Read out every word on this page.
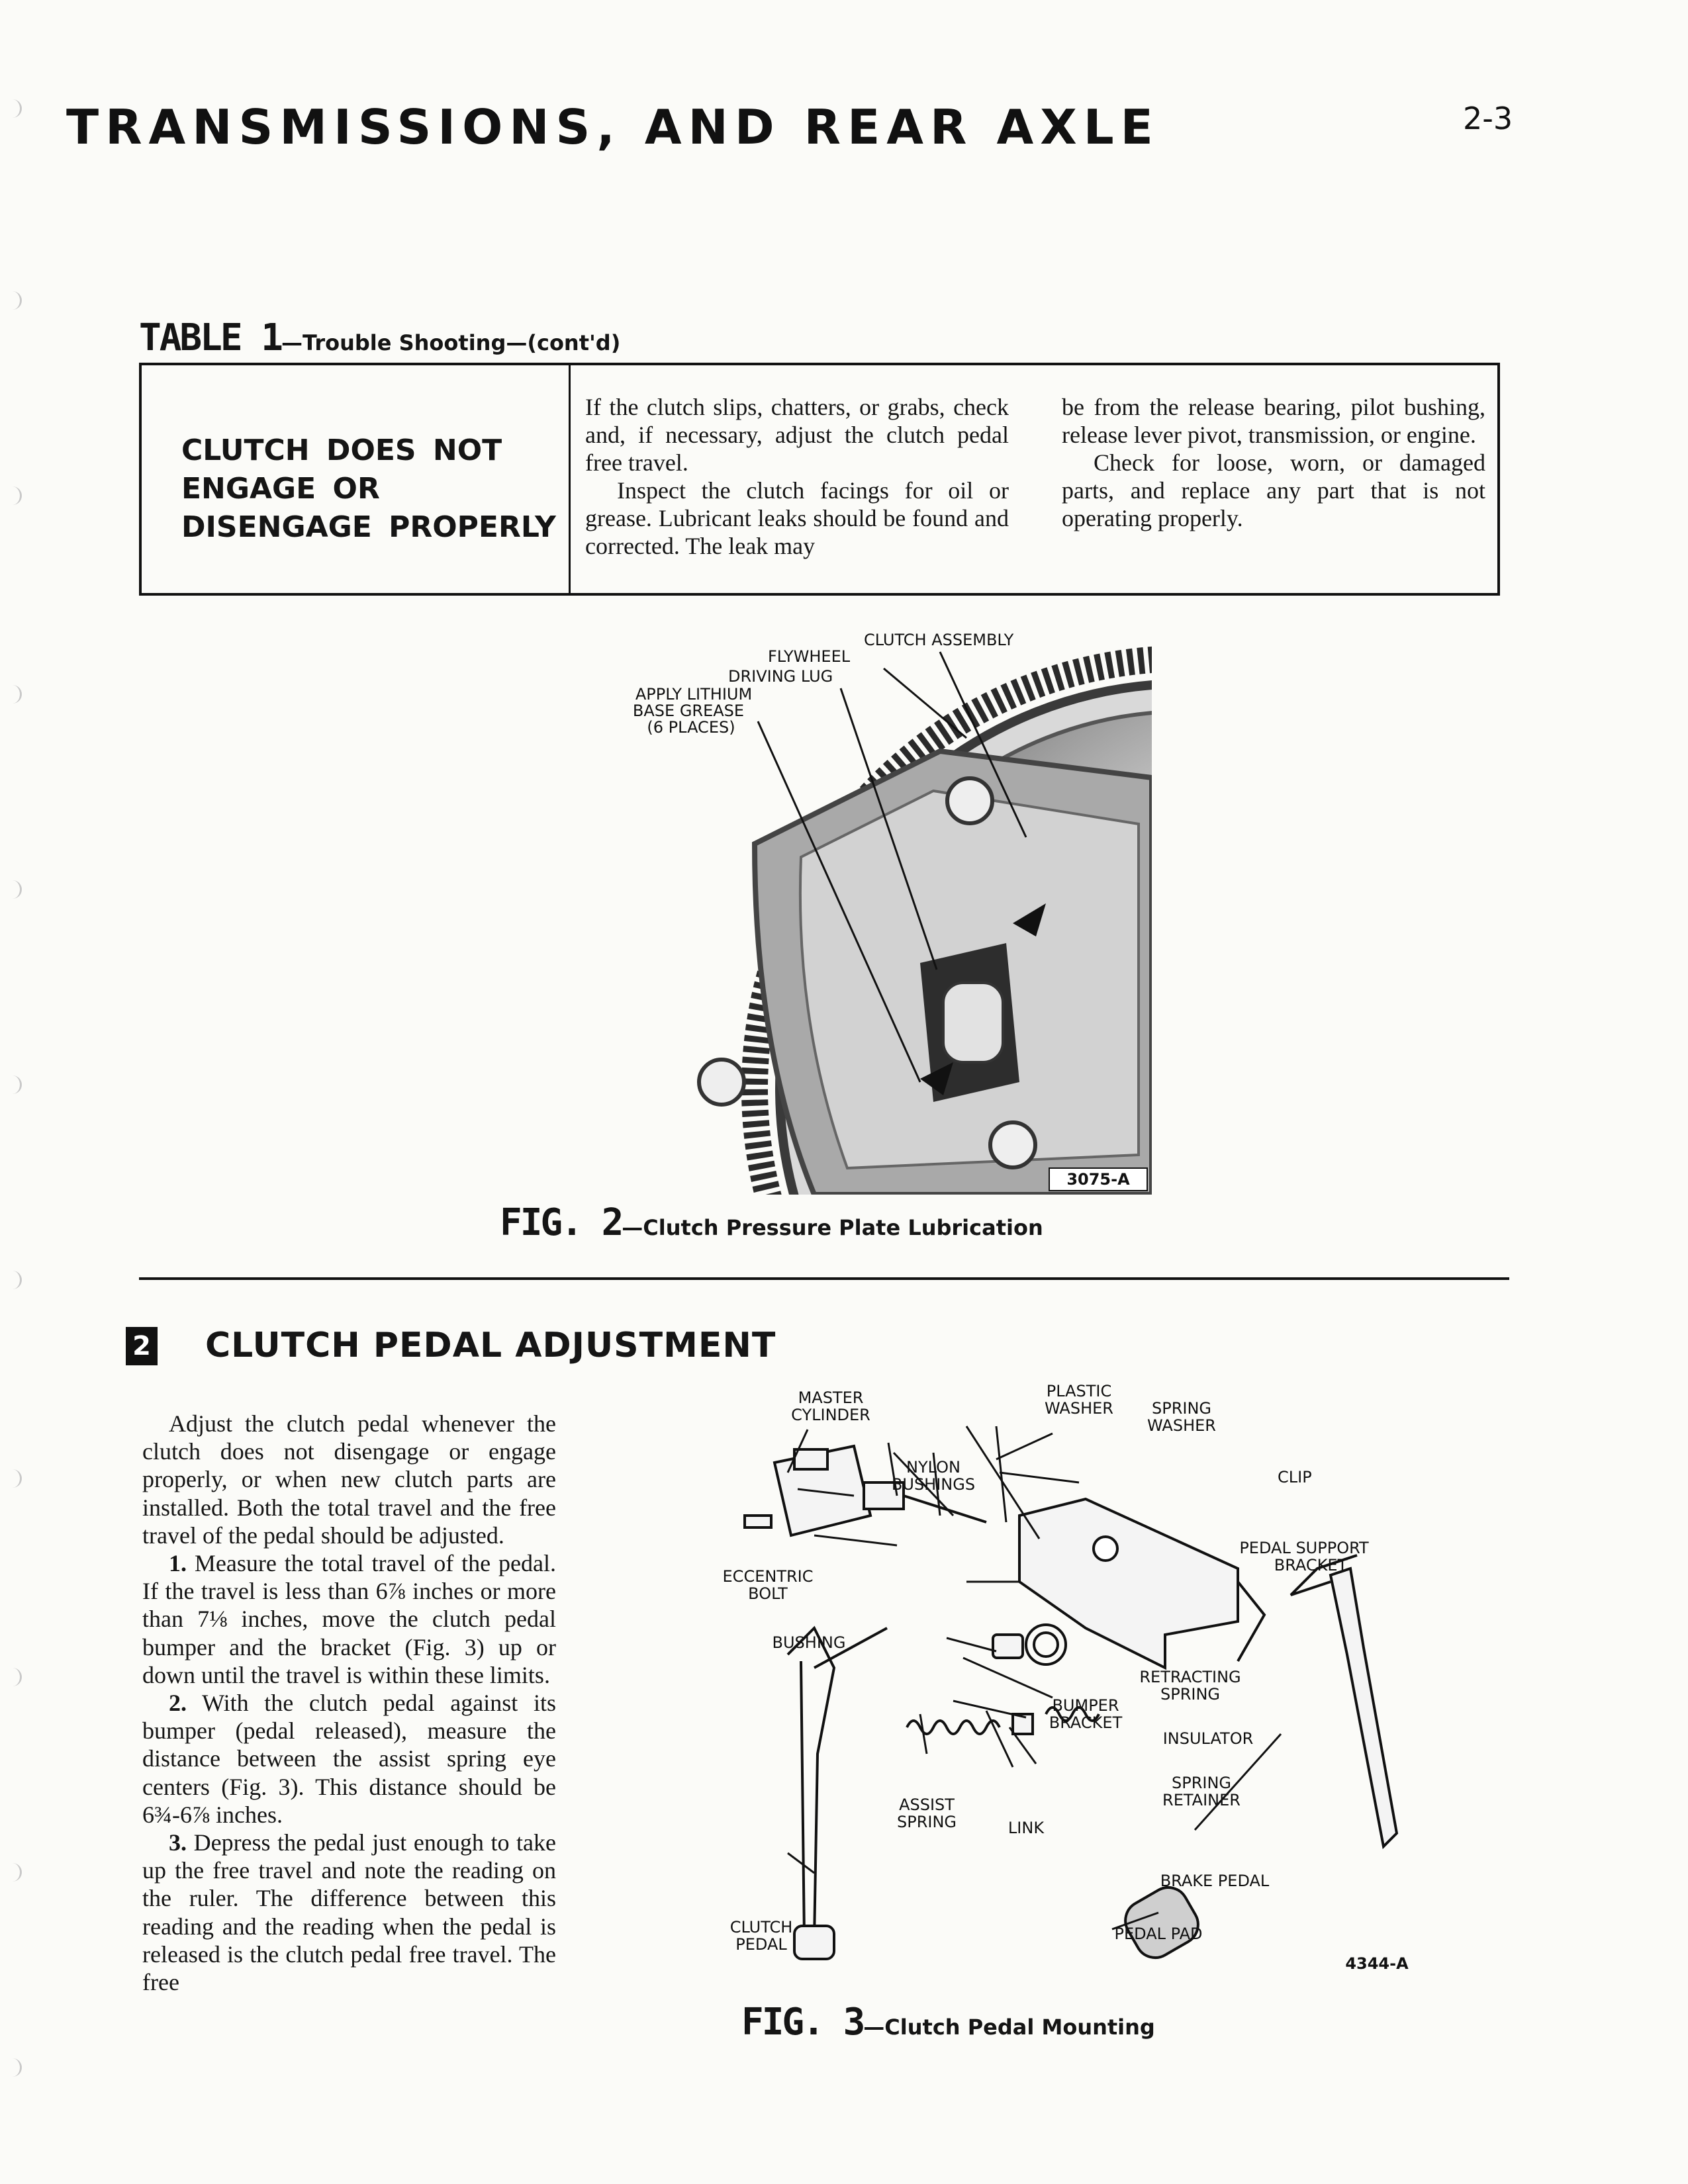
TRANSMISSIONS, AND REAR AXLE	2-3
TABLE 1—Trouble Shooting—(cont'd)
CLUTCH DOES NOT ENGAGE OR DISENGAGE PROPERLY

If the clutch slips, chatters, or grabs, check and, if necessary, adjust the clutch pedal free travel.

Inspect the clutch facings for oil or grease. Lubricant leaks should be found and corrected. The leak may

be from the release bearing, pilot bushing, release lever pivot, transmission, or engine.

Check for loose, worn, or damaged parts, and replace any part that is not operating properly.

CLUTCH ASSEMBLY
FLYWHEEL
DRIVING LUG
APPLY LITHIUM
BASE GREASE
(6 PLACES)
3075-A
FIG. 2—Clutch Pressure Plate Lubrication
2 CLUTCH PEDAL ADJUSTMENT

Adjust the clutch pedal whenever the clutch does not disengage or engage properly, or when new clutch parts are installed. Both the total travel and the free travel of the pedal should be adjusted.

1. Measure the total travel of the pedal. If the travel is less than 6⅞ inches or more than 7⅛ inches, move the clutch pedal bumper and the bracket (Fig. 3) up or down until the travel is within these limits.

2. With the clutch pedal against its bumper (pedal released), measure the distance between the assist spring eye centers (Fig. 3). This distance should be 6¾-6⅞ inches.

3. Depress the pedal just enough to take up the free travel and note the reading on the ruler. The difference between this reading and the reading when the pedal is released is the clutch pedal free travel. The free

MASTER
CYLINDER
PLASTIC
WASHER SPRING
WASHER
NYLON
BUSHINGS	CLIP
PEDAL SUPPORT
BRACKET
ECCENTRIC
BOLT
BUSHING
RETRACTING
SPRING
BUMPER
BRACKET
INSULATOR
SPRING
RETAINER
ASSIST
SPRING	LINK
BRAKE PEDAL
CLUTCH
PEDAL
PEDAL PAD
4344-A
FIG. 3—Clutch Pedal Mounting
